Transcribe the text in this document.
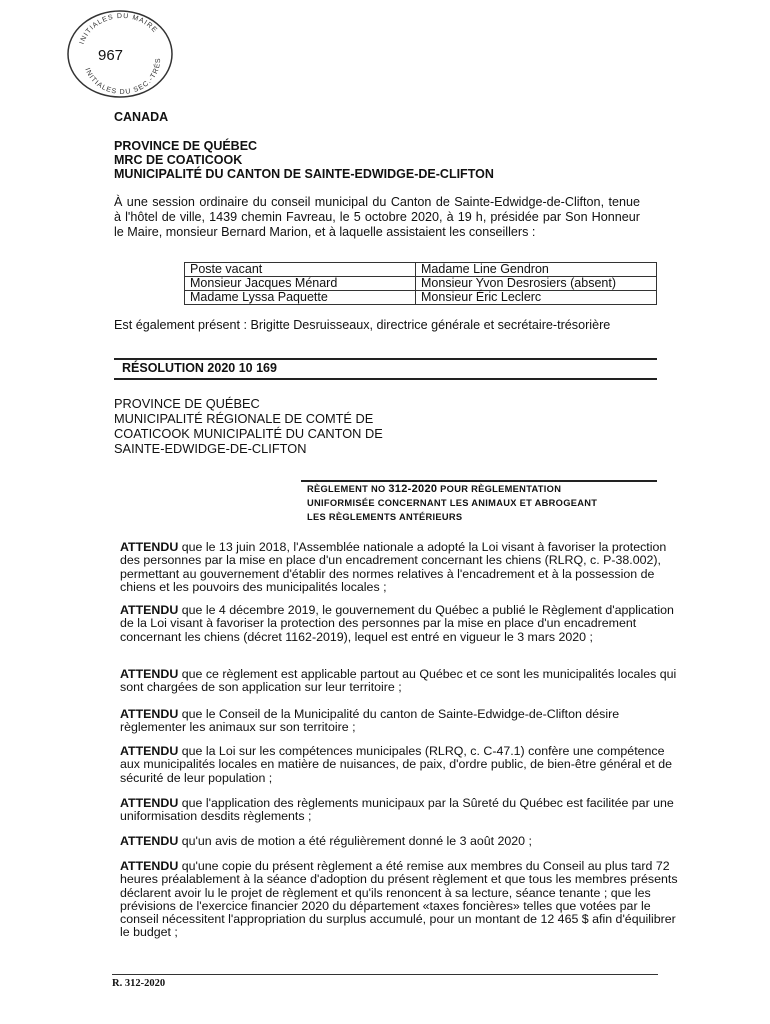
INITIALES DU MAIRE
INITIALES DU SEC.-TRÉS
967
CANADA
PROVINCE DE QUÉBEC
MRC DE COATICOOK
MUNICIPALITÉ DU CANTON DE SAINTE-EDWIDGE-DE-CLIFTON
À une session ordinaire du conseil municipal du Canton de Sainte-Edwidge-de-Clifton, tenue à l'hôtel de ville, 1439 chemin Favreau, le 5 octobre 2020, à 19 h, présidée par Son Honneur le Maire, monsieur Bernard Marion, et à laquelle assistaient les conseillers :
Poste vacant	Madame Line Gendron
Monsieur Jacques Ménard	Monsieur Yvon Desrosiers (absent)
Madame Lyssa Paquette	Monsieur Éric Leclerc
Est également présent : Brigitte Desruisseaux, directrice générale et secrétaire-trésorière
RÉSOLUTION 2020 10 169
PROVINCE DE QUÉBEC
MUNICIPALITÉ RÉGIONALE DE COMTÉ DE
COATICOOK MUNICIPALITÉ DU CANTON DE
SAINTE-EDWIDGE-DE-CLIFTON
RÈGLEMENT NO 312-2020 POUR RÈGLEMENTATION
UNIFORMISÉE CONCERNANT LES ANIMAUX ET ABROGEANT
LES RÈGLEMENTS ANTÉRIEURS
ATTENDU que le 13 juin 2018, l'Assemblée nationale a adopté la Loi visant à favoriser la protection des personnes par la mise en place d'un encadrement concernant les chiens (RLRQ, c. P-38.002), permettant au gouvernement d'établir des normes relatives à l'encadrement et à la possession de chiens et les pouvoirs des municipalités locales ;
ATTENDU que le 4 décembre 2019, le gouvernement du Québec a publié le Règlement d'application de la Loi visant à favoriser la protection des personnes par la mise en place d'un encadrement concernant les chiens (décret 1162-2019), lequel est entré en vigueur le 3 mars 2020 ;
ATTENDU que ce règlement est applicable partout au Québec et ce sont les municipalités locales qui sont chargées de son application sur leur territoire ;
ATTENDU que le Conseil de la Municipalité du canton de Sainte-Edwidge-de-Clifton désire règlementer les animaux sur son territoire ;
ATTENDU que la Loi sur les compétences municipales (RLRQ, c. C-47.1) confère une compétence aux municipalités locales en matière de nuisances, de paix, d'ordre public, de bien-être général et de sécurité de leur population ;
ATTENDU que l'application des règlements municipaux par la Sûreté du Québec est facilitée par une uniformisation desdits règlements ;
ATTENDU qu'un avis de motion a été régulièrement donné le 3 août 2020 ;
ATTENDU qu'une copie du présent règlement a été remise aux membres du Conseil au plus tard 72 heures préalablement à la séance d'adoption du présent règlement et que tous les membres présents déclarent avoir lu le projet de règlement et qu'ils renoncent à sa lecture, séance tenante ; que les prévisions de l'exercice financier 2020 du département «taxes foncières» telles que votées par le conseil nécessitent l'appropriation du surplus accumulé, pour un montant de 12 465 $ afin d'équilibrer le budget ;
R. 312-2020
